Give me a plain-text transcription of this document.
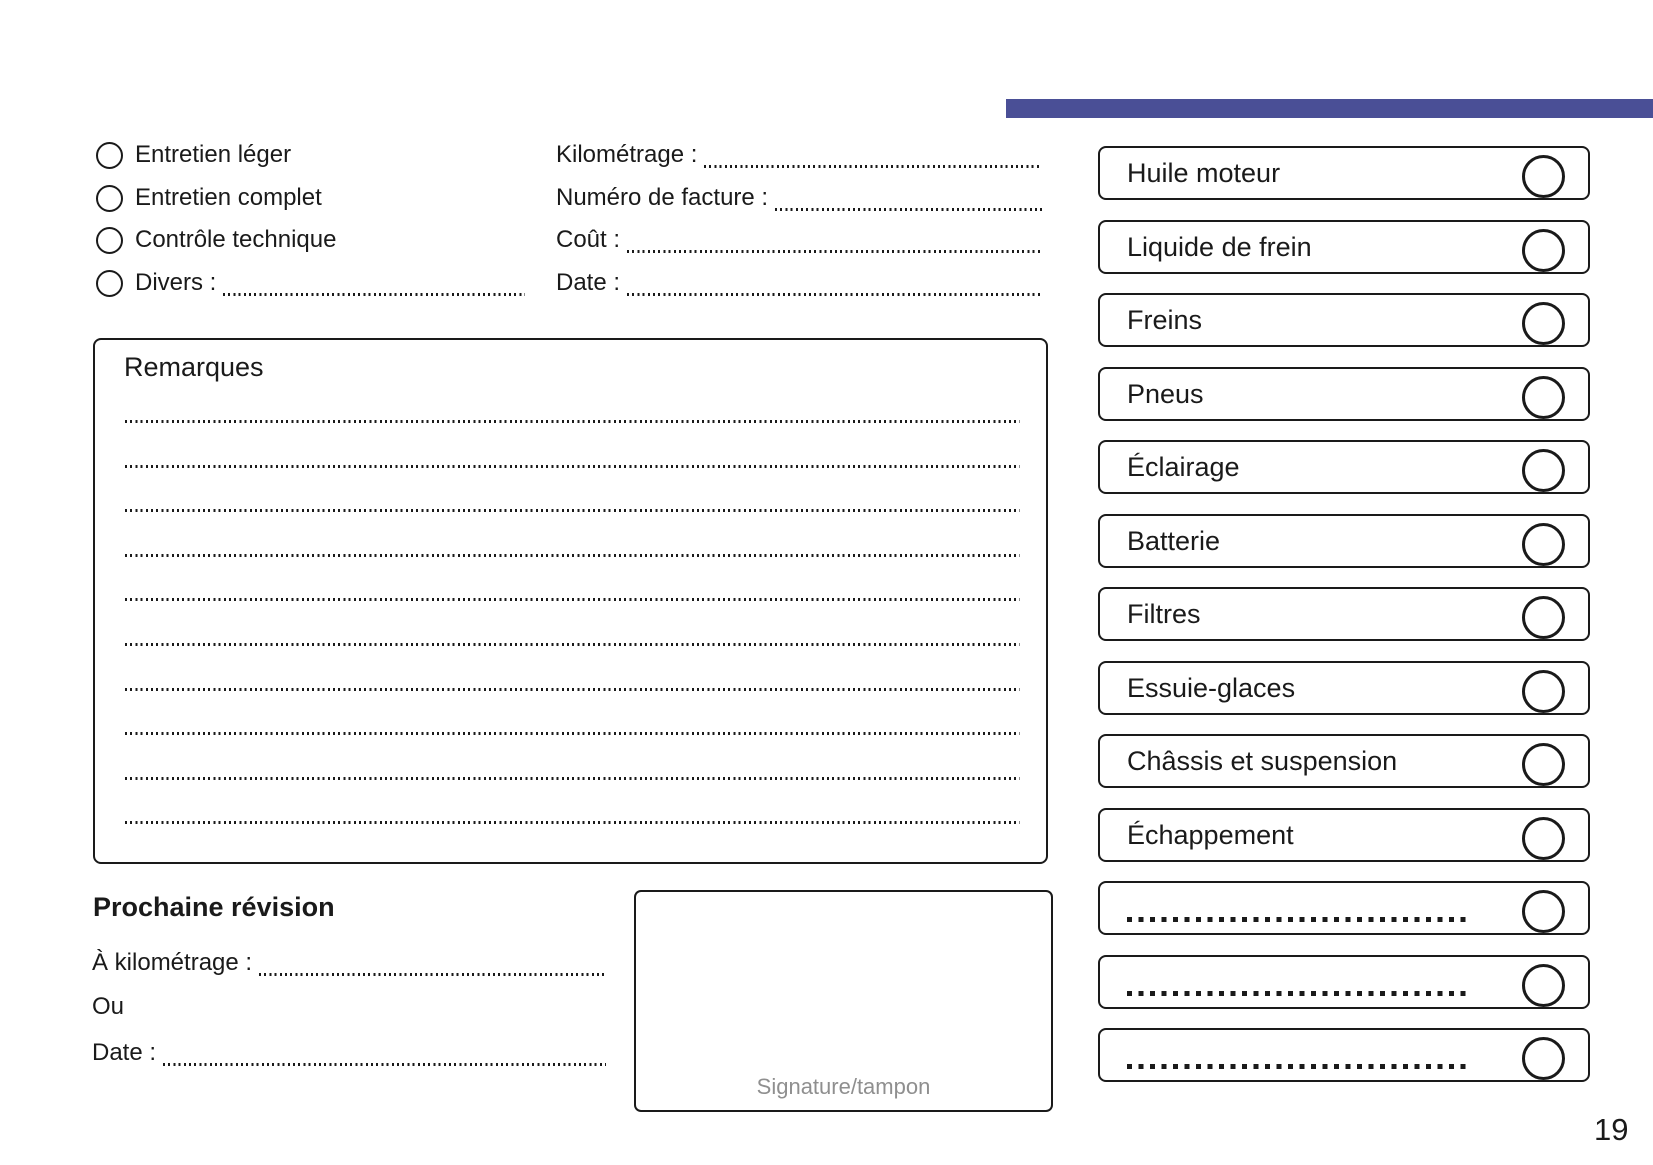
Entretien léger
Entretien complet
Contrôle technique
Divers :
Kilométrage :
Numéro de facture :
Coût :
Date :
Remarques
Prochaine révision
À kilométrage :
Ou
Date :
Signature/tampon
Huile moteur
Liquide de frein
Freins
Pneus
Éclairage
Batterie
Filtres
Essuie-glaces
Châssis et suspension
Échappement
19
